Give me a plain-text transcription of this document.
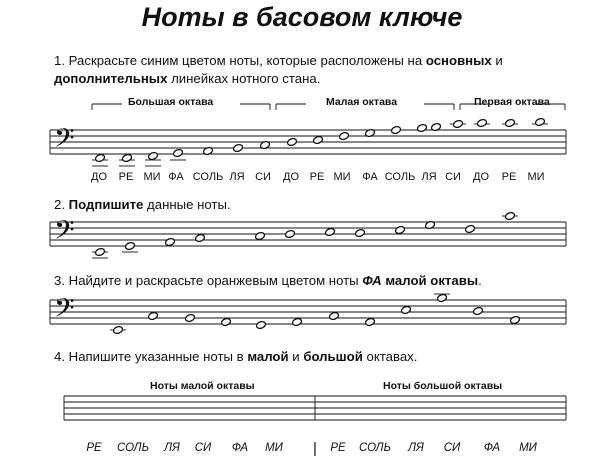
Ноты в басовом ключе
1. Раскрасьте синим цветом ноты, которые расположены на основных и дополнительных линейках нотного стана.
2. Подпишите данные ноты.
3. Найдите и раскрасьте оранжевым цветом ноты ФА малой октавы.
4. Напишите указанные ноты в малой и большой октавах.
Большая октава	Малая октава	Первая октава
ДО РЕ МИ ФА СОЛЬ ЛЯ СИ ДО РЕ МИ ФА СОЛЬ ЛЯ СИ ДО РЕ МИ
Ноты малой октавы	Ноты большой октавы
РЕ СОЛЬ ЛЯ СИ ФА МИ | РЕ СОЛЬ ЛЯ СИ ФА МИ
𝄢
𝄢
𝄢
